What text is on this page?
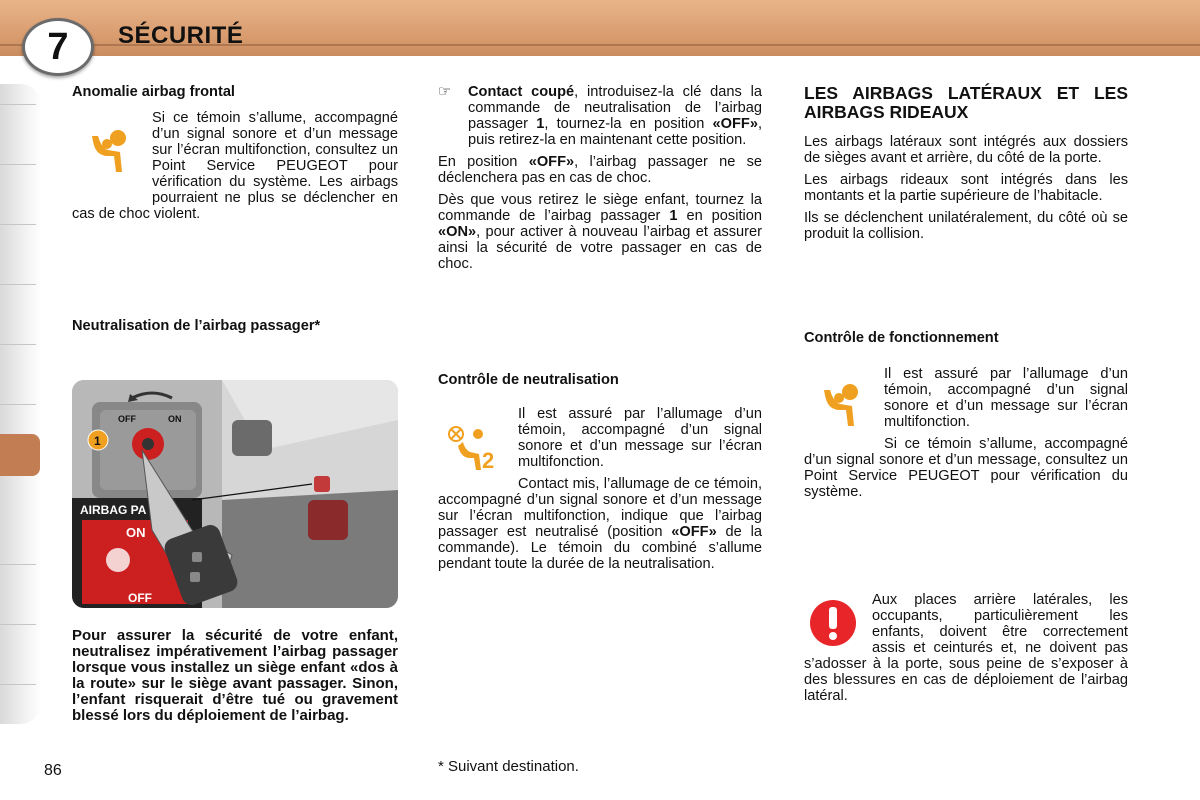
7	SÉCURITÉ
86

Anomalie airbag frontal

Si ce témoin s’allume, accompagné d’un signal sonore et d’un message sur l’écran multifonction, consultez un Point Service PEUGEOT pour vérification du système. Les airbags pourraient ne plus se déclencher en cas de choc violent.

Neutralisation de l’airbag passager*

OFF	ON
1
AIRBAG PA
ON
OFF

Pour assurer la sécurité de votre enfant, neutralisez impérativement l’airbag passager lorsque vous installez un siège enfant «dos à la route» sur le siège avant passager. Sinon, l’enfant risquerait d’être tué ou gravement blessé lors du déploiement de l’airbag.

☞ Contact coupé, introduisez-la clé dans la commande de neutralisation de l’airbag passager 1, tournez-la en position «OFF», puis retirez-la en maintenant cette position.

En position «OFF», l’airbag passager ne se déclenchera pas en cas de choc.

Dès que vous retirez le siège enfant, tournez la commande de l’airbag passager 1 en position «ON», pour activer à nouveau l’airbag et assurer ainsi la sécurité de votre passager en cas de choc.

Contrôle de neutralisation

Il est assuré par l’allumage d’un témoin, accompagné d’un signal sonore et d’un message sur l’écran multifonction.

Contact mis, l’allumage de ce témoin, accompagné d’un signal sonore et d’un message sur l’écran multifonction, indique que l’airbag passager est neutralisé (position «OFF» de la commande). Le témoin du combiné s’allume pendant toute la durée de la neutralisation.

2

LES AIRBAGS LATÉRAUX ET LES AIRBAGS RIDEAUX

Les airbags latéraux sont intégrés aux dossiers de sièges avant et arrière, du côté de la porte.

Les airbags rideaux sont intégrés dans les montants et la partie supérieure de l’habitacle.

Ils se déclenchent unilatéralement, du côté où se produit la collision.

Contrôle de fonctionnement

Il est assuré par l’allumage d’un témoin, accompagné d’un signal sonore et d’un message sur l’écran multifonction.

Si ce témoin s’allume, accompagné d’un signal sonore et d’un message, consultez un Point Service PEUGEOT pour vérification du système.

Aux places arrière latérales, les occupants, particulièrement les enfants, doivent être correctement assis et ceinturés et, ne doivent pas s’adosser à la porte, sous peine de s’exposer à des blessures en cas de déploiement de l’airbag latéral.

* Suivant destination.
